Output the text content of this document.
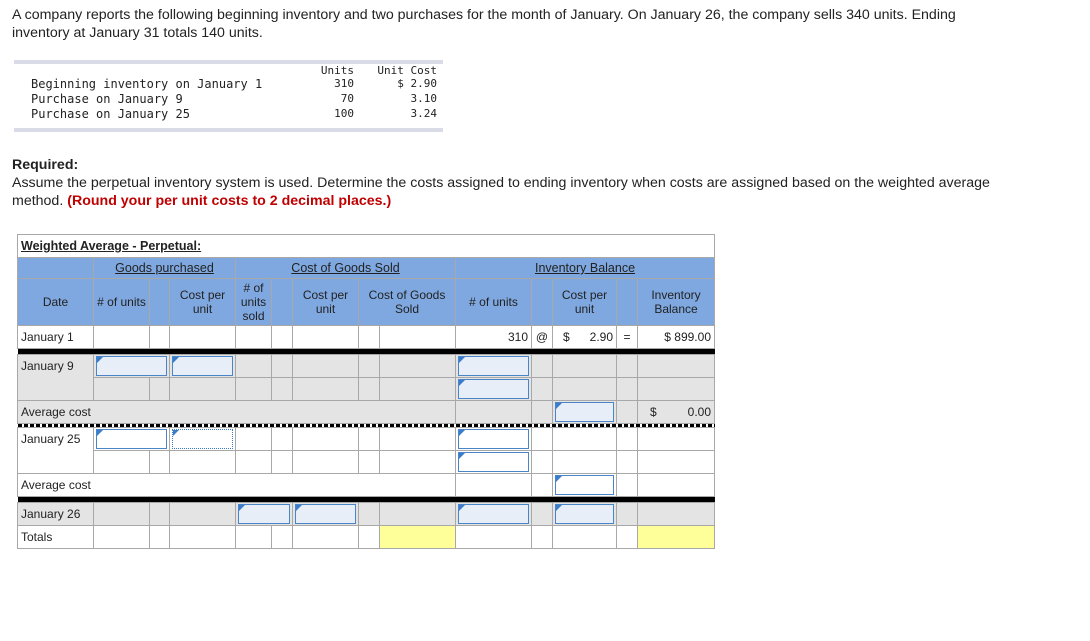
A company reports the following beginning inventory and two purchases for the month of January. On January 26, the company sells 340 units. Ending inventory at January 31 totals 140 units.
Units	Unit Cost
Beginning inventory on January 1	310	$ 2.90
Purchase on January 9	70	3.10
Purchase on January 25	100	3.24
Required:
Assume the perpetual inventory system is used. Determine the costs assigned to ending inventory when costs are assigned based on the weighted average method. (Round your per unit costs to 2 decimal places.)
Weighted Average - Perpetual:													
	Goods purchased			Cost of Goods Sold					Inventory Balance				
Date	# of units		Cost per unit	# of units sold		Cost per unit	Cost of Goods Sold		# of units		Cost per unit		Inventory Balance
January 1									310	@	$ 2.90	=	$ 899.00

January 9		

Average cost													$ 0.00

January 25		

Average cost											

January 26					

Totals													
